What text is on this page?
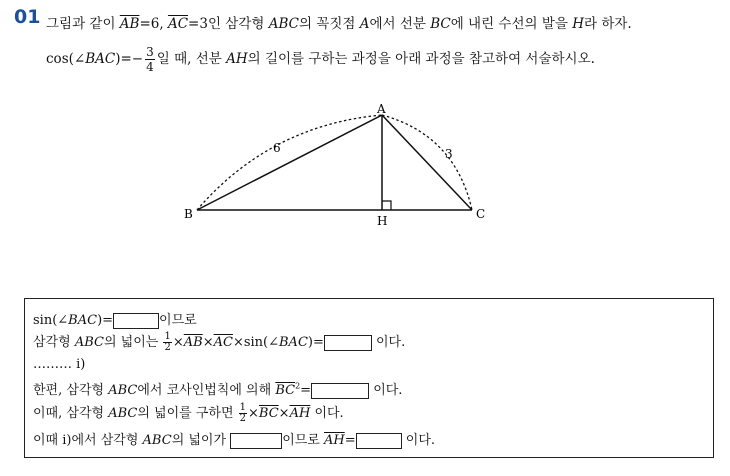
01 그림과 같이 $\overline{AB}=6$, $\overline{AC}=3$인 삼각형 ABC의 꼭짓점 A에서 선분 BC에 내린 수선의 발을 H라 하자.
cos(∠BAC)=− $\frac{3}{4}$ 일 때, 선분 AH의 길이를 구하는 과정을 아래 과정을 참고하여 서술하시오.
A
B	C
H
6	3
sin(∠BAC)=	이므로
삼각형 ABC의 넓이는 $\frac{1}{2}$ $\times\overline{AB}\times\overline{AC}\times\sin(\angle BAC)=$	이다.
……… ⅰ)
한편, 삼각형 ABC에서 코사인법칙에 의해 $\overline{BC}^2=$	이다.
이때, 삼각형 ABC의 넓이를 구하면 $\frac{1}{2} \times\overline{BC}\times\overline{AH}$ 이다.
이때 ⅰ)에서 삼각형 ABC의 넓이가	이므로 $\overline{AH}=$	이다.
